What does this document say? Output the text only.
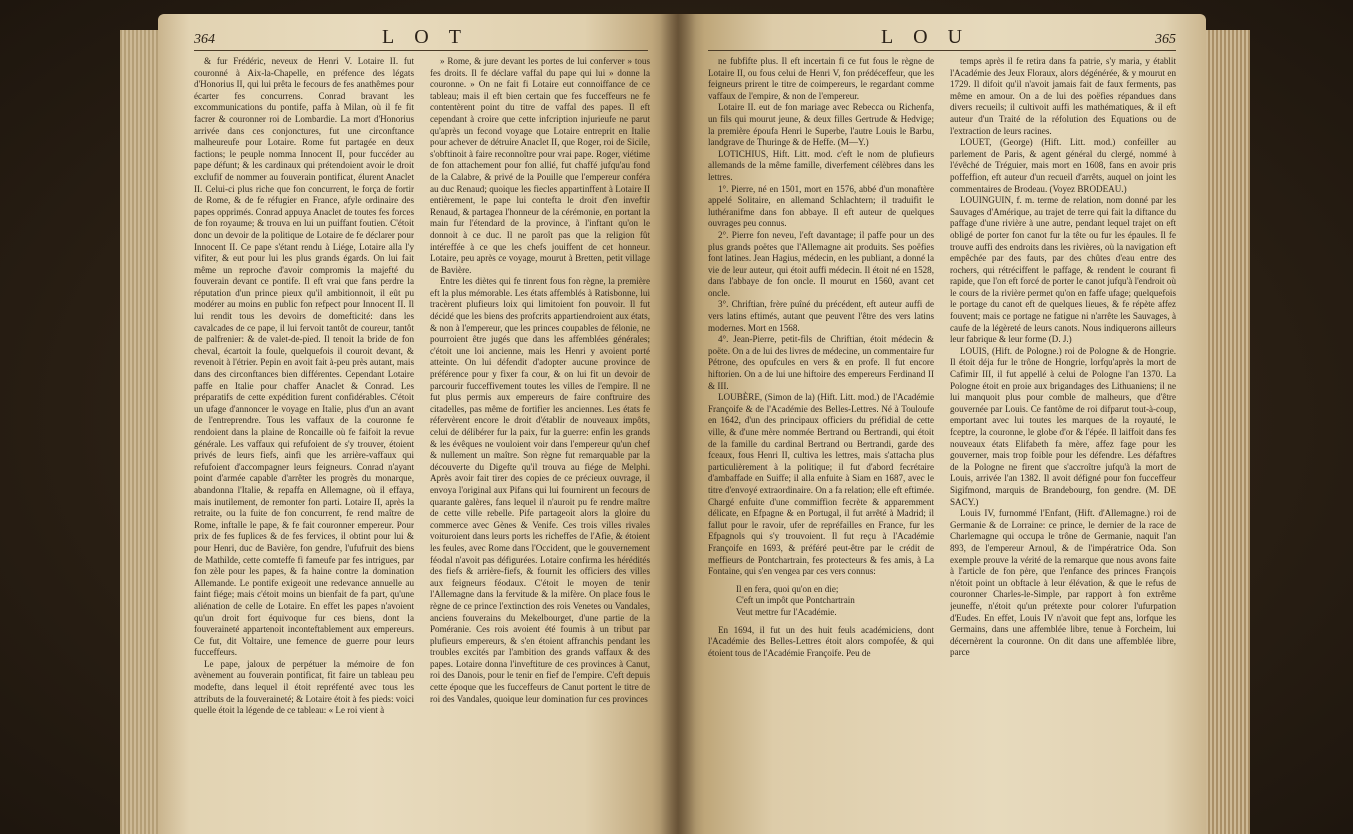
364	LOT

& fur Frédéric, neveux de Henri V. Lotaire II. fut couronné à Aix-la-Chapelle, en préfence des légats d'Honorius II, qui lui prêta le fecours de fes anathêmes pour écarter fes concurrens. Conrad bravant les excommunications du pontife, paffa à Milan, où il fe fit facrer & couronner roi de Lombardie. La mort d'Honorius arrivée dans ces conjonctures, fut une circonftance malheureufe pour Lotaire. Rome fut partagée en deux factions; le peuple nomma Innocent II, pour fuccéder au pape défunt; & les cardinaux qui prétendoient avoir le droit exclufif de nommer au fouverain pontificat, élurent Anaclet II. Celui-ci plus riche que fon concurrent, le força de fortir de Rome, & de fe réfugier en France, afyle ordinaire des papes opprimés. Conrad appuya Anaclet de toutes fes forces de fon royaume; & trouva en lui un puiffant foutien. C'étoit donc un devoir de la politique de Lotaire de fe déclarer pour Innocent II. Ce pape s'étant rendu à Liége, Lotaire alla l'y vifiter, & eut pour lui les plus grands égards. On lui fait même un reproche d'avoir compromis la majefté du fouverain devant ce pontife. Il eft vrai que fans perdre la réputation d'un prince pieux qu'il ambitionnoit, il eût pu modérer au moins en public fon refpect pour Innocent II. Il lui rendit tous les devoirs de domefticité: dans les cavalcades de ce pape, il lui fervoit tantôt de coureur, tantôt de palfrenier: & de valet-de-pied. Il tenoit la bride de fon cheval, écartoit la foule, quelquefois il couroit devant, & revenoit à l'étrier. Pepin en avoit fait à-peu près autant, mais dans des circonftances bien différentes. Cependant Lotaire paffe en Italie pour chaffer Anaclet & Conrad. Les préparatifs de cette expédition furent confidérables. C'étoit un ufage d'annoncer le voyage en Italie, plus d'un an avant de l'entreprendre. Tous les vaffaux de la couronne fe rendoient dans la plaine de Roncaille où fe faifoit la revue générale. Les vaffaux qui refufoient de s'y trouver, étoient privés de leurs fiefs, ainfi que les arrière-vaffaux qui refufoient d'accompagner leurs feigneurs. Conrad n'ayant point d'armée capable d'arrêter les progrès du monarque, abandonna l'Italie, & repaffa en Allemagne, où il effaya, mais inutilement, de remonter fon parti. Lotaire II, après la retraite, ou la fuite de fon concurrent, fe rend maître de Rome, inftalle le pape, & fe fait couronner empereur. Pour prix de fes fuplices & de fes fervices, il obtint pour lui & pour Henri, duc de Bavière, fon gendre, l'ufufruit des biens de Mathilde, cette comteffe fi fameufe par fes intrigues, par fon zèle pour les papes, & fa haine contre la domination Allemande. Le pontife exigeoit une redevance annuelle au faint fiége; mais c'étoit moins un bienfait de fa part, qu'une aliénation de celle de Lotaire. En effet les papes n'avoient qu'un droit fort équivoque fur ces biens, dont la fouveraineté appartenoit inconteftablement aux empereurs. Ce fut, dit Voltaire, une femence de guerre pour leurs fucceffeurs.

Le pape, jaloux de perpétuer la mémoire de fon avènement au fouverain pontificat, fit faire un tableau peu modefte, dans lequel il étoit repréfenté avec tous les attributs de la fouveraineté; & Lotaire étoit à fes pieds: voici quelle étoit la légende de ce tableau: « Le roi vient à

» Rome, & jure devant les portes de lui conferver » tous fes droits. Il fe déclare vaffal du pape qui lui » donne la couronne. » On ne fait fi Lotaire eut connoiffance de ce tableau; mais il eft bien certain que fes fucceffeurs ne fe contentèrent point du titre de vaffal des papes. Il eft cependant à croire que cette infcription injurieufe ne parut qu'après un fecond voyage que Lotaire entreprit en Italie pour achever de détruire Anaclet II, que Roger, roi de Sicile, s'obftinoit à faire reconnoître pour vrai pape. Roger, viétime de fon attachement pour fon allié, fut chaffé jufqu'au fond de la Calabre, & privé de la Pouille que l'empereur conféra au duc Renaud; quoique les fiecles appartinffent à Lotaire II entièrement, le pape lui contefta le droit d'en inveftir Renaud, & partagea l'honneur de la cérémonie, en portant la main fur l'étendard de la province, à l'inftant qu'on le donnoit à ce duc. Il ne paroît pas que la religion fût intéreffée à ce que les chefs jouiffent de cet honneur. Lotaire, peu après ce voyage, mourut à Bretten, petit village de Bavière.

Entre les diètes qui fe tinrent fous fon règne, la première eft la plus mémorable. Les états affemblés à Ratisbonne, lui tracèrent plufieurs loix qui limitoient fon pouvoir. Il fut décidé que les biens des profcrits appartiendroient aux états, & non à l'empereur, que les princes coupables de félonie, ne pourroient être jugés que dans les affemblées générales; c'étoit une loi ancienne, mais les Henri y avoient porté atteinte. On lui défendit d'adopter aucune province de préférence pour y fixer fa cour, & on lui fit un devoir de parcourir fucceffivement toutes les villes de l'empire. Il ne fut plus permis aux empereurs de faire conftruire des citadelles, pas même de fortifier les anciennes. Les états fe réfervèrent encore le droit d'établir de nouveaux impôts, celui de délibérer fur la paix, fur la guerre: enfin les grands & les évêques ne vouloient voir dans l'empereur qu'un chef & nullement un maître. Son règne fut remarquable par la découverte du Digefte qu'il trouva au fiége de Melphi. Après avoir fait tirer des copies de ce précieux ouvrage, il envoya l'original aux Pifans qui lui fournirent un fecours de quarante galères, fans lequel il n'auroit pu fe rendre maître de cette ville rebelle. Pife partageoit alors la gloire du commerce avec Gènes & Venife. Ces trois villes rivales voituroient dans leurs ports les richeffes de l'Afie, & étoient les feules, avec Rome dans l'Occident, que le gouvernement féodal n'avoit pas défigurées. Lotaire confirma les hérédités des fiefs & arrière-fiefs, & fournit les officiers des villes aux feigneurs féodaux. C'étoit le moyen de tenir l'Allemagne dans la fervitude & la mifère. On place fous le règne de ce prince l'extinction des rois Venetes ou Vandales, anciens fouverains du Mekelbourget, d'une partie de la Poméranie. Ces rois avoient été foumis à un tribut par plufieurs empereurs, & s'en étoient affranchis pendant les troubles excités par l'ambition des grands vaffaux & des papes. Lotaire donna l'inveftiture de ces provinces à Canut, roi des Danois, pour le tenir en fief de l'empire. C'eft depuis cette époque que les fucceffeurs de Canut portent le titre de roi des Vandales, quoique leur domination fur ces provinces

LOU	365

ne fubfifte plus. Il eft incertain fi ce fut fous le règne de Lotaire II, ou fous celui de Henri V, fon prédéceffeur, que les feigneurs prirent le titre de coimpereurs, le regardant comme vaffaux de l'empire, & non de l'empereur.

Lotaire II. eut de fon mariage avec Rebecca ou Richenfa, un fils qui mourut jeune, & deux filles Gertrude & Hedvige; la première époufa Henri le Superbe, l'autre Louis le Barbu, landgrave de Thuringe & de Heffe. (M—Y.)

LOTICHIUS, Hift. Litt. mod. c'eft le nom de plufieurs allemands de la même famille, diverfement célèbres dans les lettres.

1°. Pierre, né en 1501, mort en 1576, abbé d'un monaftère appelé Solitaire, en allemand Schlachtern; il traduifit le luthéranifme dans fon abbaye. Il eft auteur de quelques ouvrages peu connus.

2°. Pierre fon neveu, l'eft davantage; il paffe pour un des plus grands poëtes que l'Allemagne ait produits. Ses poëfies font latines. Jean Hagius, médecin, en les publiant, a donné la vie de leur auteur, qui étoit auffi médecin. Il étoit né en 1528, dans l'abbaye de fon oncle. Il mourut en 1560, avant cet oncle.

3°. Chriftian, frère puîné du précédent, eft auteur auffi de vers latins eftimés, autant que peuvent l'être des vers latins modernes. Mort en 1568.

4°. Jean-Pierre, petit-fils de Chriftian, étoit médecin & poëte. On a de lui des livres de médecine, un commentaire fur Pétrone, des opufcules en vers & en profe. Il fut encore hiftorien. On a de lui une hiftoire des empereurs Ferdinand II & III.

LOUBÈRE, (Simon de la) (Hift. Litt. mod.) de l'Académie Françoife & de l'Académie des Belles-Lettres. Né à Touloufe en 1642, d'un des principaux officiers du préfidial de cette ville, & d'une mère nommée Bertrand ou Bertrandi, qui étoit de la famille du cardinal Bertrand ou Bertrandi, garde des fceaux, fous Henri II, cultiva les lettres, mais s'attacha plus particulièrement à la politique; il fut d'abord fecrétaire d'ambaffade en Suiffe; il alla enfuite à Siam en 1687, avec le titre d'envoyé extraordinaire. On a fa relation; elle eft eftimée. Chargé enfuite d'une commiffion fecrète & apparemment délicate, en Efpagne & en Portugal, il fut arrêté à Madrid; il fallut pour le ravoir, ufer de repréfailles en France, fur les Efpagnols qui s'y trouvoient. Il fut reçu à l'Académie Françoife en 1693, & préféré peut-être par le crédit de meffieurs de Pontchartrain, fes protecteurs & fes amis, à La Fontaine, qui s'en vengea par ces vers connus:

Il en fera, quoi qu'on en die;
C'eft un impôt que Pontchartrain
Veut mettre fur l'Académie.

En 1694, il fut un des huit feuls académiciens, dont l'Académie des Belles-Lettres étoit alors compofée, & qui étoient tous de l'Académie Françoife. Peu de

temps après il fe retira dans fa patrie, s'y maria, y établit l'Académie des Jeux Floraux, alors dégénérée, & y mourut en 1729. Il difoit qu'il n'avoit jamais fait de faux ferments, pas même en amour. On a de lui des poëfies répandues dans divers recueils; il cultivoit auffi les mathématiques, & il eft auteur d'un Traité de la réfolution des Equations ou de l'extraction de leurs racines.

LOUET, (George) (Hift. Litt. mod.) confeiller au parlement de Paris, & agent général du clergé, nommé à l'évêché de Tréguier, mais mort en 1608, fans en avoir pris poffeffion, eft auteur d'un recueil d'arrêts, auquel on joint les commentaires de Brodeau. (Voyez BRODEAU.)

LOUINGUIN, f. m. terme de relation, nom donné par les Sauvages d'Amérique, au trajet de terre qui fait la diftance du paffage d'une rivière à une autre, pendant lequel trajet on eft obligé de porter fon canot fur la tête ou fur les épaules. Il fe trouve auffi des endroits dans les rivières, où la navigation eft empêchée par des fauts, par des chûtes d'eau entre des rochers, qui rétréciffent le paffage, & rendent le courant fi rapide, que l'on eft forcé de porter le canot jufqu'à l'endroit où le cours de la rivière permet qu'on en faffe ufage; quelquefois le portage du canot eft de quelques lieues, & fe répète affez fouvent; mais ce portage ne fatigue ni n'arrête les Sauvages, à caufe de la légèreté de leurs canots. Nous indiquerons ailleurs leur fabrique & leur forme (D. J.)

LOUIS, (Hift. de Pologne.) roi de Pologne & de Hongrie. Il étoit déja fur le trône de Hongrie, lorfqu'après la mort de Cafimir III, il fut appellé à celui de Pologne l'an 1370. La Pologne étoit en proie aux brigandages des Lithuaniens; il ne lui manquoit plus pour comble de malheurs, que d'être gouvernée par Louis. Ce fantôme de roi difparut tout-à-coup, emportant avec lui toutes les marques de la royauté, le fceptre, la couronne, le globe d'or & l'épée. Il laiffoit dans fes nouveaux états Elifabeth fa mère, affez fage pour les gouverner, mais trop foible pour les défendre. Les défaftres de la Pologne ne firent que s'accroître jufqu'à la mort de Louis, arrivée l'an 1382. Il avoit défigné pour fon fucceffeur Sigifmond, marquis de Brandebourg, fon gendre. (M. DE SACY.)

Louis IV, furnommé l'Enfant, (Hift. d'Allemagne.) roi de Germanie & de Lorraine: ce prince, le dernier de la race de Charlemagne qui occupa le trône de Germanie, naquit l'an 893, de l'empereur Arnoul, & de l'impératrice Oda. Son exemple prouve la vérité de la remarque que nous avons faite à l'article de fon père, que l'enfance des princes François n'étoit point un obftacle à leur élévation, & que le refus de couronner Charles-le-Simple, par rapport à fon extrême jeuneffe, n'étoit qu'un prétexte pour colorer l'ufurpation d'Eudes. En effet, Louis IV n'avoit que fept ans, lorfque les Germains, dans une affemblée libre, tenue à Forcheim, lui décernèrent la couronne. On dit dans une affemblée libre, parce
